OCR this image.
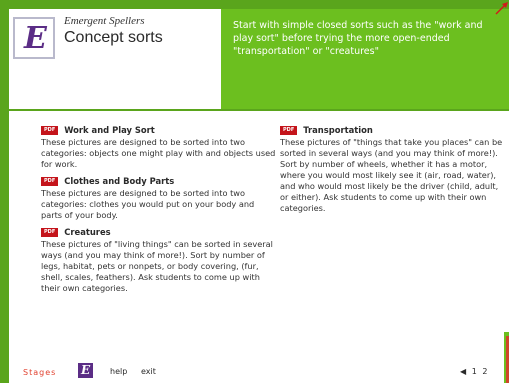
E Emergent Spellers
Concept sorts
Start with simple closed sorts such as the "work and play sort" before trying the more open-ended "transportation" or "creatures"
PDF	Work and Play Sort
These pictures are designed to be sorted into two categories: objects one might play with and objects used for work.
PDF	Clothes and Body Parts
These pictures are designed to be sorted into two categories: clothes you would put on your body and parts of your body.
PDF	Creatures
These pictures of "living things" can be sorted in several ways (and you may think of more!). Sort by number of legs, habitat, pets or nonpets, or body covering, (fur, shell, scales, feathers). Ask students to come up with their own categories.
PDF	Transportation
These pictures of "things that take you places" can be sorted in several ways (and you may think of more!). Sort by number of wheels, whether it has a motor, where you would most likely see it (air, road, water), and who would most likely be the driver (child, adult, or either). Ask students to come up with their own categories.
Stages E help exit	◀ 1 2
